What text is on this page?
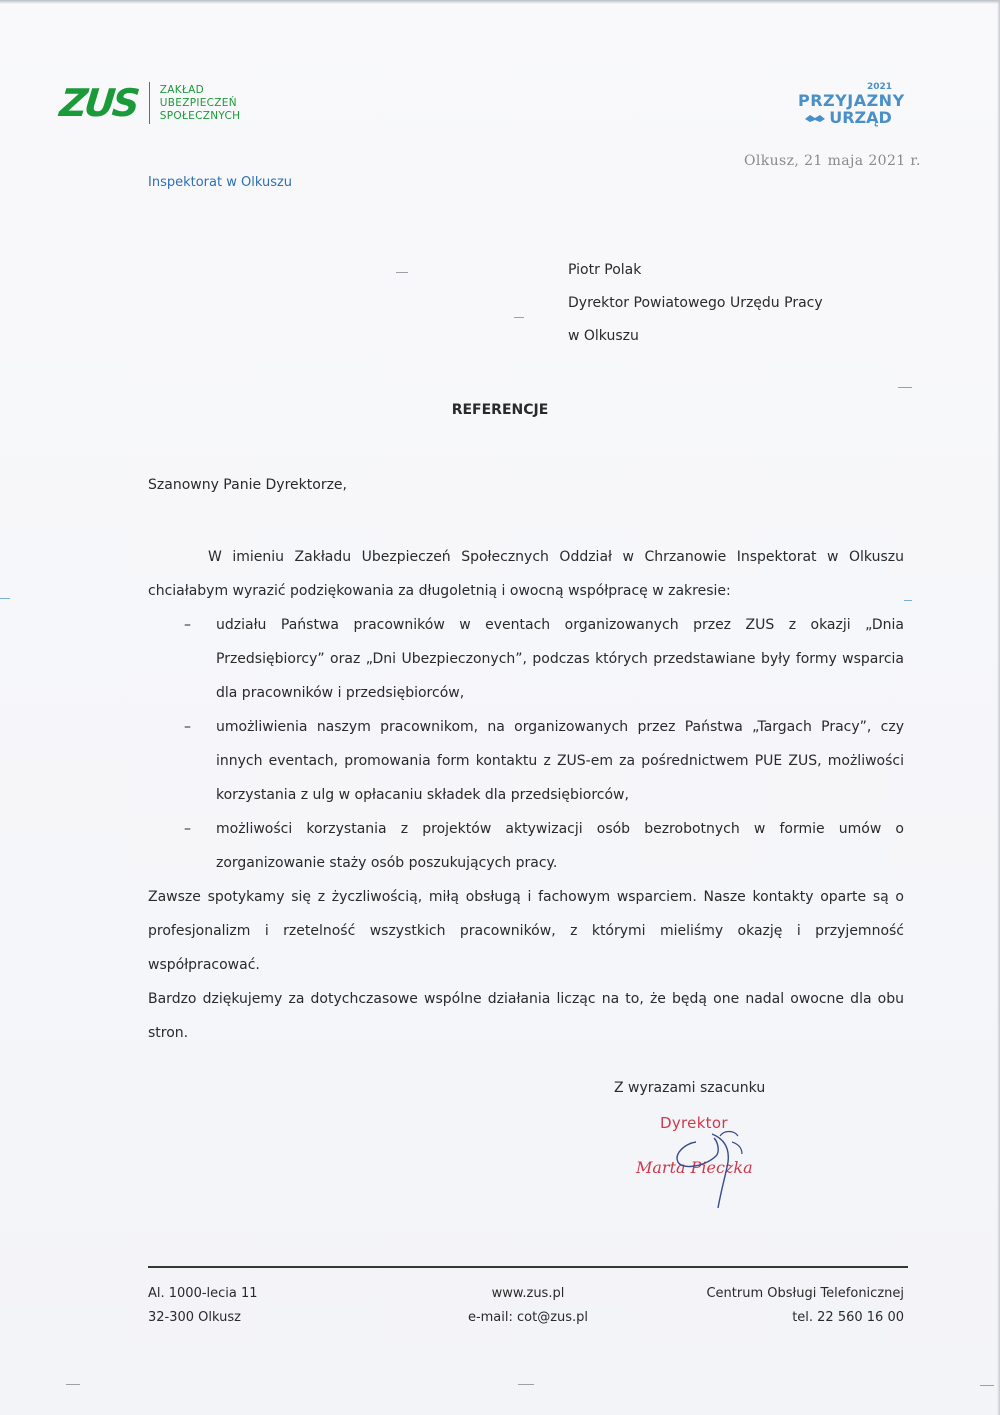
ZUS ZAKŁAD
UBEZPIECZEŃ
SPOŁECZNYCH
2021
PRZYJAZNY
URZĄD
Olkusz, 21 maja 2021 r.
Inspektorat w Olkuszu
Piotr Polak
Dyrektor Powiatowego Urzędu Pracy
w Olkuszu
REFERENCJE
Szanowny Panie Dyrektorze,

W imieniu Zakładu Ubezpieczeń Społecznych Oddział w Chrzanowie Inspektorat w Olkuszu chciałabym wyrazić podziękowania za długoletnią i owocną współpracę w zakresie:

– udziału Państwa pracowników w eventach organizowanych przez ZUS z okazji „Dnia Przedsiębiorcy” oraz „Dni Ubezpieczonych”, podczas których przedstawiane były formy wsparcia dla pracowników i przedsiębiorców,
– umożliwienia naszym pracownikom, na organizowanych przez Państwa „Targach Pracy”, czy innych eventach, promowania form kontaktu z ZUS-em za pośrednictwem PUE ZUS, możliwości korzystania z ulg w opłacaniu składek dla przedsiębiorców,
– możliwości korzystania z projektów aktywizacji osób bezrobotnych w formie umów o zorganizowanie staży osób poszukujących pracy.

Zawsze spotykamy się z życzliwością, miłą obsługą i fachowym wsparciem. Nasze kontakty oparte są o profesjonalizm i rzetelność wszystkich pracowników, z którymi mieliśmy okazję i przyjemność współpracować.

Bardzo dziękujemy za dotychczasowe wspólne działania licząc na to, że będą one nadal owocne dla obu stron.

Z wyrazami szacunku
Dyrektor
Marta Pieczka
Al. 1000-lecia 11
32-300 Olkusz
www.zus.pl
e-mail: cot@zus.pl
Centrum Obsługi Telefonicznej
tel. 22 560 16 00
